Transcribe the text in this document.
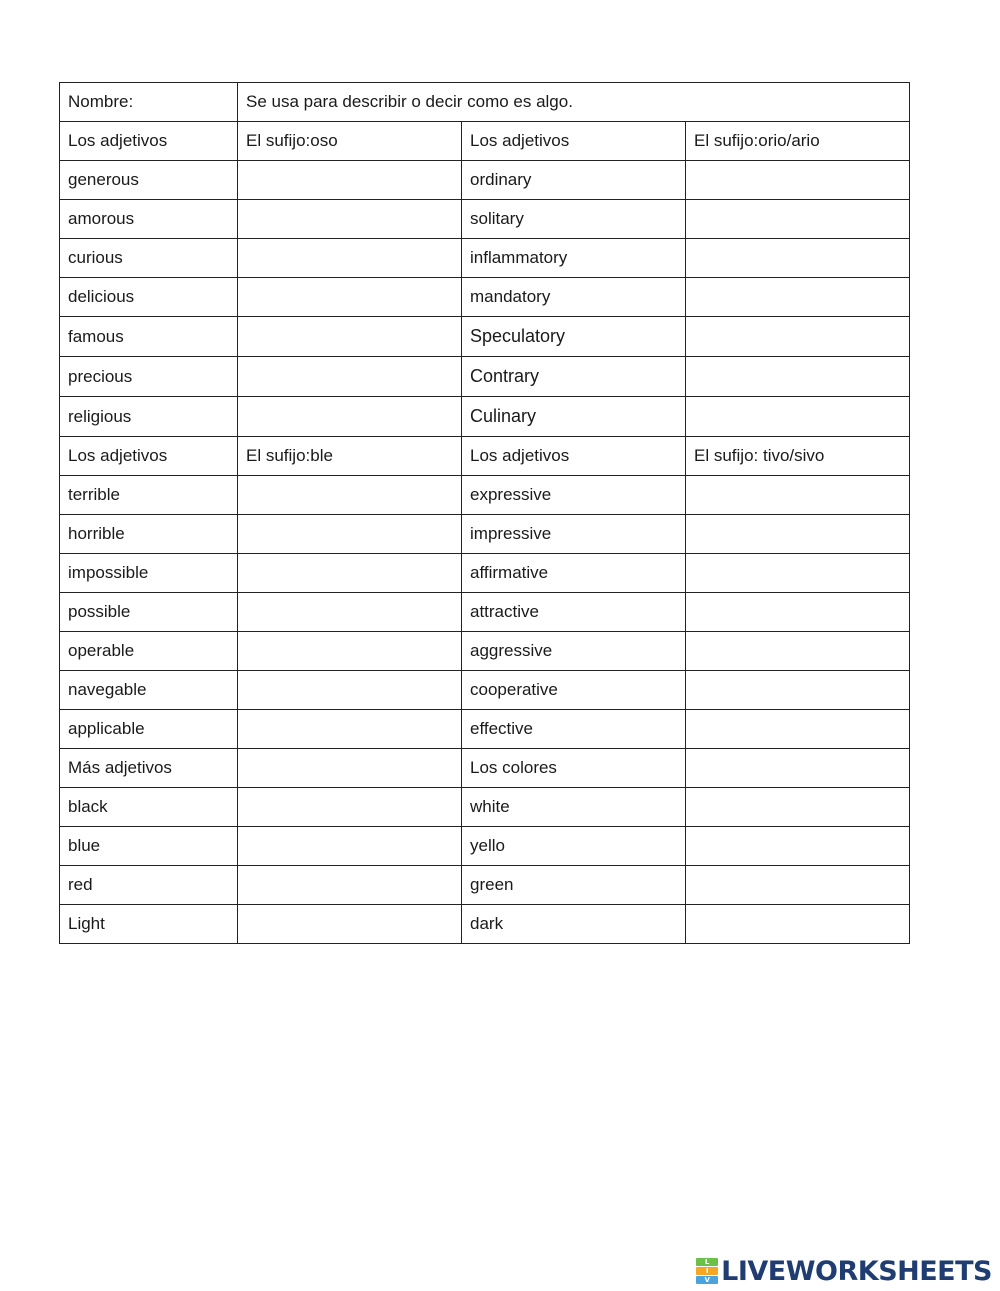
Nombre:	Se usa para describir o decir como es algo.		
Los adjetivos	El sufijo:oso	Los adjetivos	El sufijo:orio/ario
generous		ordinary	
amorous		solitary	
curious		inflammatory	
delicious		mandatory	
famous		Speculatory	
precious		Contrary	
religious		Culinary	
Los adjetivos	El sufijo:ble	Los adjetivos	El sufijo: tivo/sivo
terrible		expressive	
horrible		impressive	
impossible		affirmative	
possible		attractive	
operable		aggressive	
navegable		cooperative	
applicable		effective	
Más adjetivos		Los colores	
black		white	
blue		yello	
red		green	
Light		dark	
L
I
V LIVEWORKSHEETS
